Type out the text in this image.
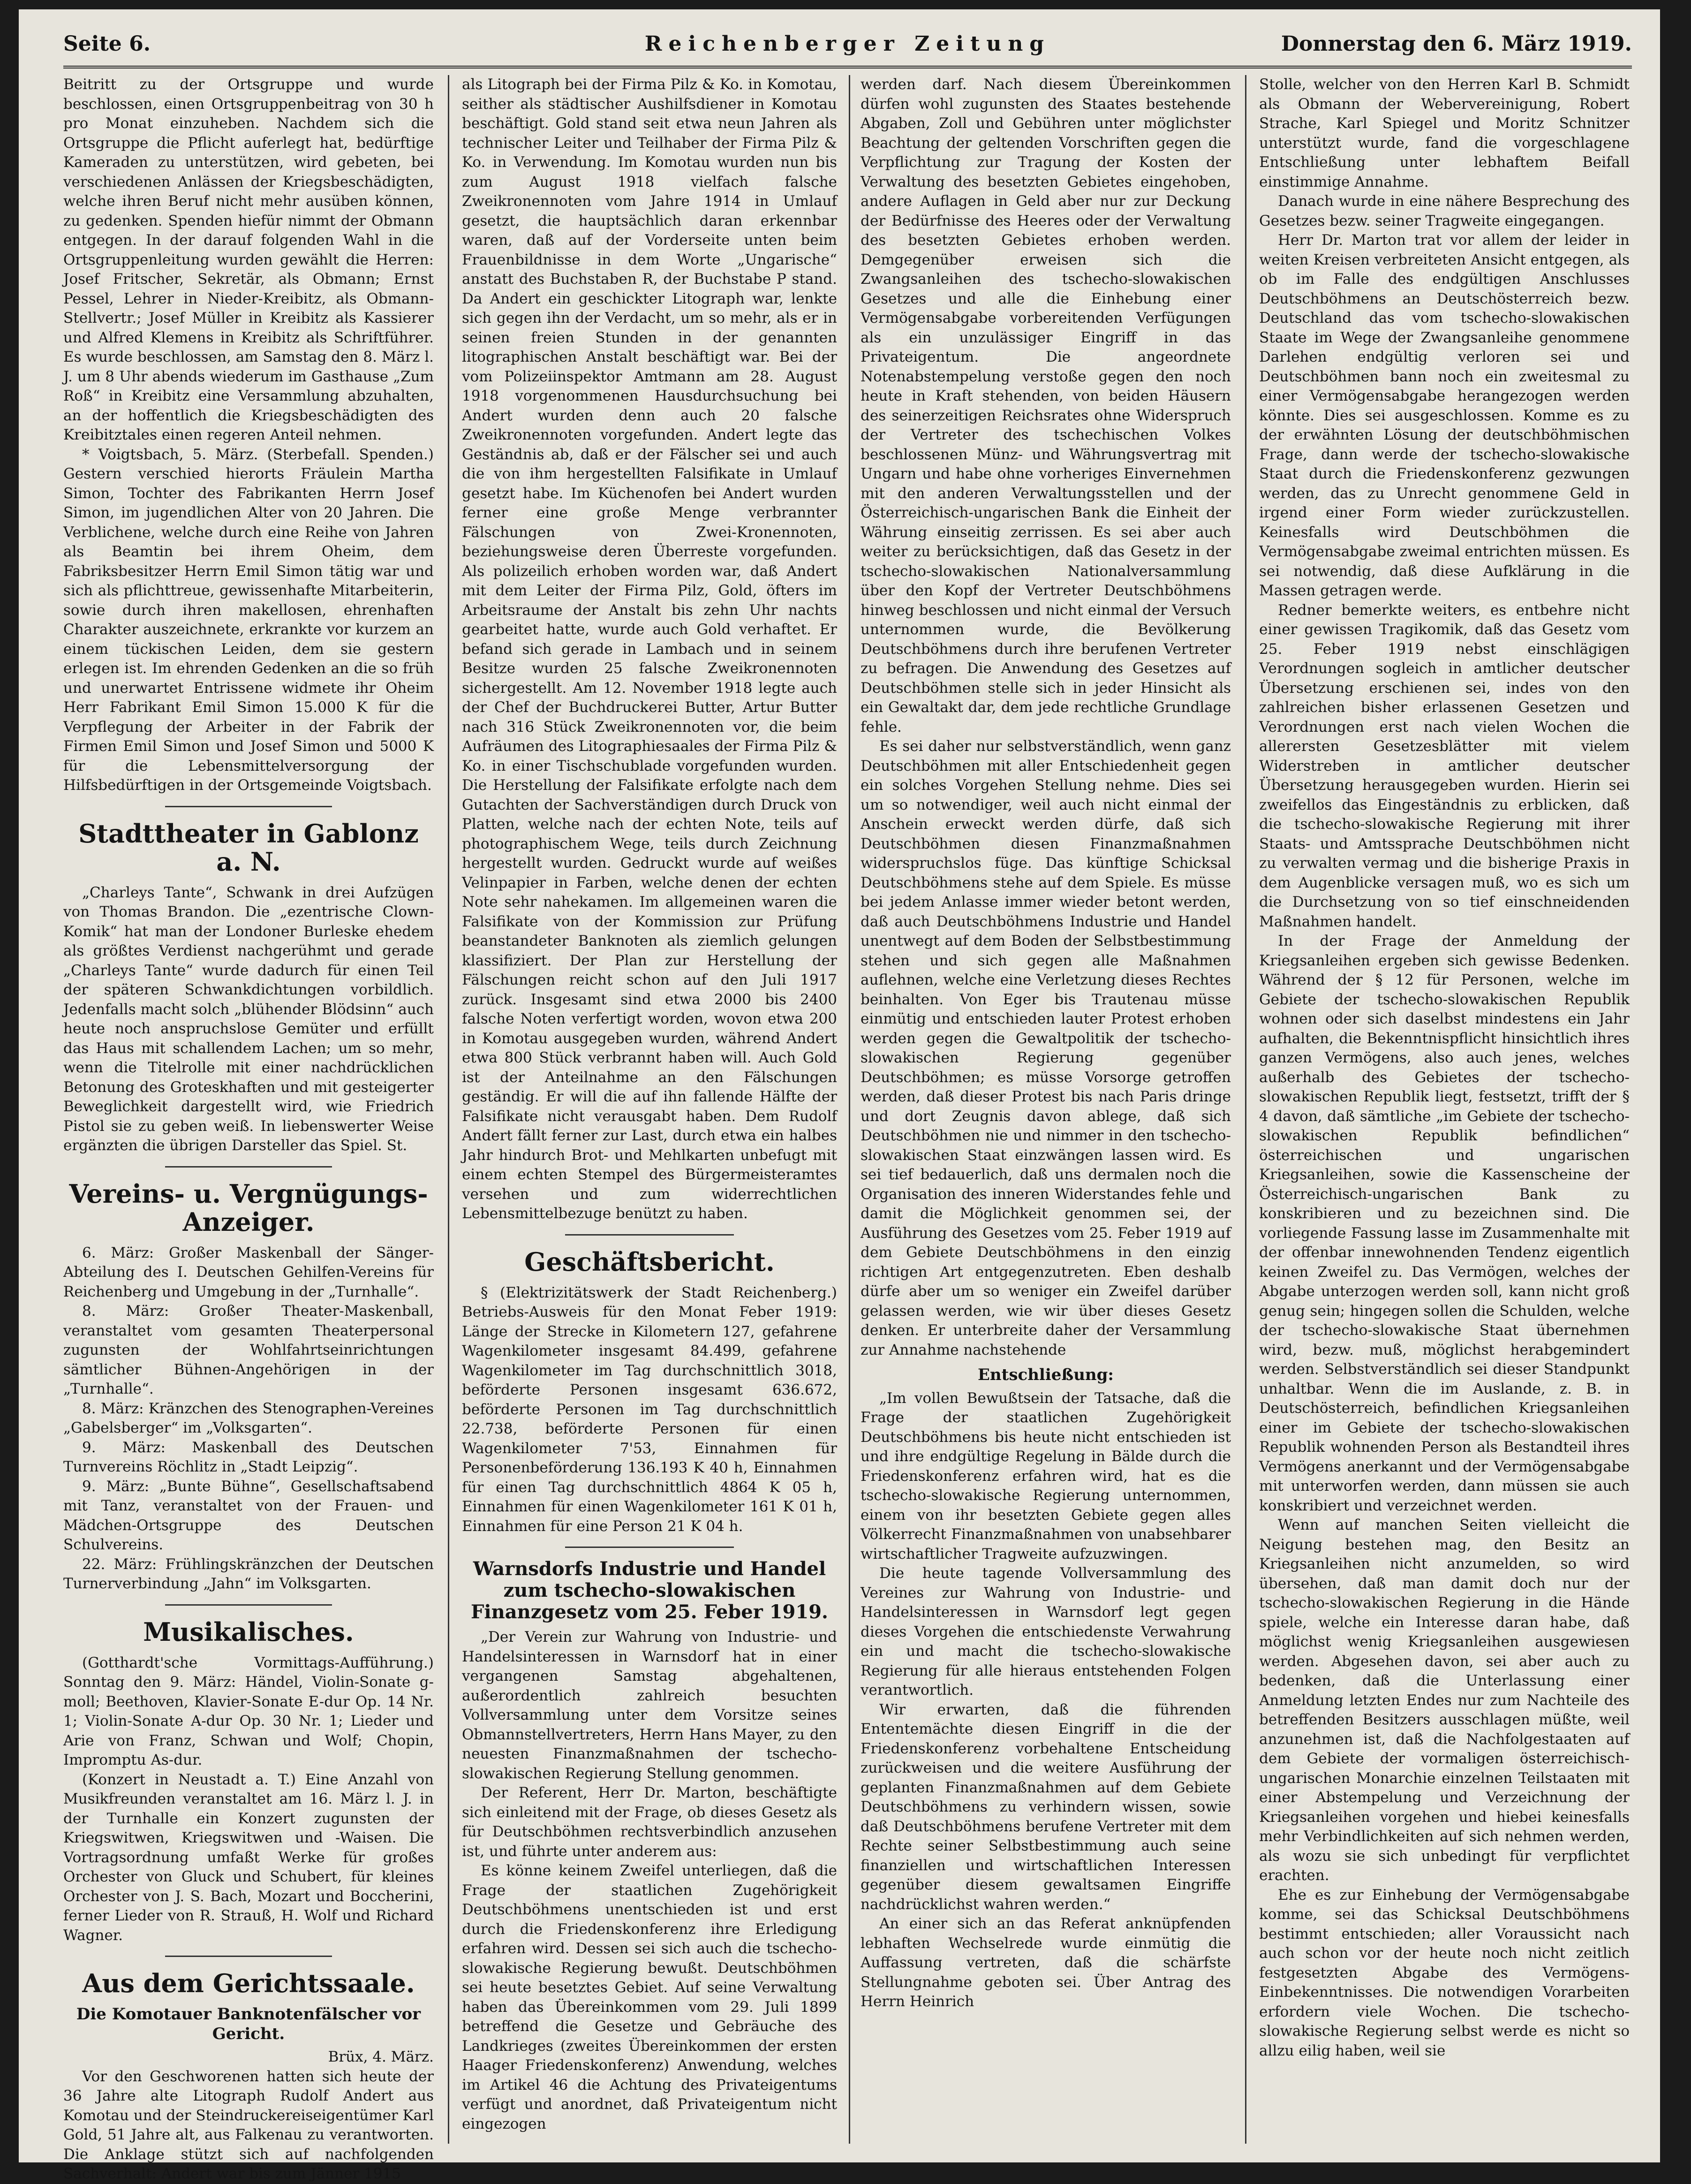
Seite 6.	Reichenberger Zeitung	Donnerstag den 6. März 1919.

Beitritt zu der Ortsgruppe und wurde beschlossen, einen Ortsgruppenbeitrag von 30 h pro Monat einzuheben. Nachdem sich die Ortsgruppe die Pflicht auferlegt hat, bedürftige Kameraden zu unterstützen, wird gebeten, bei verschiedenen Anlässen der Kriegsbeschädigten, welche ihren Beruf nicht mehr ausüben können, zu gedenken. Spenden hiefür nimmt der Obmann entgegen. In der darauf folgenden Wahl in die Ortsgruppenleitung wurden gewählt die Herren: Josef Fritscher, Sekretär, als Obmann; Ernst Pessel, Lehrer in Nieder-Kreibitz, als Obmann-Stellvertr.; Josef Müller in Kreibitz als Kassierer und Alfred Klemens in Kreibitz als Schriftführer. Es wurde beschlossen, am Samstag den 8. März l. J. um 8 Uhr abends wiederum im Gasthause „Zum Roß“ in Kreibitz eine Versammlung abzuhalten, an der hoffentlich die Kriegsbeschädigten des Kreibitztales einen regeren Anteil nehmen.

* Voigtsbach, 5. März. (Sterbefall. Spenden.) Gestern verschied hierorts Fräulein Martha Simon, Tochter des Fabrikanten Herrn Josef Simon, im jugendlichen Alter von 20 Jahren. Die Verblichene, welche durch eine Reihe von Jahren als Beamtin bei ihrem Oheim, dem Fabriksbesitzer Herrn Emil Simon tätig war und sich als pflichttreue, gewissenhafte Mitarbeiterin, sowie durch ihren makellosen, ehrenhaften Charakter auszeichnete, erkrankte vor kurzem an einem tückischen Leiden, dem sie gestern erlegen ist. Im ehrenden Gedenken an die so früh und unerwartet Entrissene widmete ihr Oheim Herr Fabrikant Emil Simon 15.000 K für die Verpflegung der Arbeiter in der Fabrik der Firmen Emil Simon und Josef Simon und 5000 K für die Lebensmittelversorgung der Hilfsbedürftigen in der Ortsgemeinde Voigtsbach.

Stadttheater in Gablonz a. N.

„Charleys Tante“, Schwank in drei Aufzügen von Thomas Brandon. Die „ezentrische Clown-Komik“ hat man der Londoner Burleske ehedem als größtes Verdienst nachgerühmt und gerade „Charleys Tante“ wurde dadurch für einen Teil der späteren Schwankdichtungen vorbildlich. Jedenfalls macht solch „blühender Blödsinn“ auch heute noch anspruchslose Gemüter und erfüllt das Haus mit schallendem Lachen; um so mehr, wenn die Titelrolle mit einer nachdrücklichen Betonung des Groteskhaften und mit gesteigerter Beweglichkeit dargestellt wird, wie Friedrich Pistol sie zu geben weiß. In liebenswerter Weise ergänzten die übrigen Darsteller das Spiel. St.

Vereins- u. Vergnügungs-Anzeiger.

6. März: Großer Maskenball der Sänger-Abteilung des I. Deutschen Gehilfen-Vereins für Reichenberg und Umgebung in der „Turnhalle“.

8. März: Großer Theater-Maskenball, veranstaltet vom gesamten Theaterpersonal zugunsten der Wohlfahrtseinrichtungen sämtlicher Bühnen-Angehörigen in der „Turnhalle“.

8. März: Kränzchen des Stenographen-Vereines „Gabelsberger“ im „Volksgarten“.

9. März: Maskenball des Deutschen Turnvereins Röchlitz in „Stadt Leipzig“.

9. März: „Bunte Bühne“, Gesellschaftsabend mit Tanz, veranstaltet von der Frauen- und Mädchen-Ortsgruppe des Deutschen Schulvereins.

22. März: Frühlingskränzchen der Deutschen Turnerverbindung „Jahn“ im Volksgarten.

Musikalisches.

(Gotthardt'sche Vormittags-Aufführung.) Sonntag den 9. März: Händel, Violin-Sonate g-moll; Beethoven, Klavier-Sonate E-dur Op. 14 Nr. 1; Violin-Sonate A-dur Op. 30 Nr. 1; Lieder und Arie von Franz, Schwan und Wolf; Chopin, Impromptu As-dur.

(Konzert in Neustadt a. T.) Eine Anzahl von Musikfreunden veranstaltet am 16. März l. J. in der Turnhalle ein Konzert zugunsten der Kriegswitwen, Kriegswitwen und -Waisen. Die Vortragsordnung umfaßt Werke für großes Orchester von Gluck und Schubert, für kleines Orchester von J. S. Bach, Mozart und Boccherini, ferner Lieder von R. Strauß, H. Wolf und Richard Wagner.

Aus dem Gerichtssaale.
Die Komotauer Banknotenfälscher vor Gericht.

Brüx, 4. März.

Vor den Geschworenen hatten sich heute der 36 Jahre alte Litograph Rudolf Andert aus Komotau und der Steindruckereiseigentümer Karl Gold, 51 Jahre alt, aus Falkenau zu verantworten. Die Anklage stützt sich auf nachfolgenden Sachverhalt: Andert war bis zum Jänner 1915

als Litograph bei der Firma Pilz & Ko. in Komotau, seither als städtischer Aushilfsdiener in Komotau beschäftigt. Gold stand seit etwa neun Jahren als technischer Leiter und Teilhaber der Firma Pilz & Ko. in Verwendung. Im Komotau wurden nun bis zum August 1918 vielfach falsche Zweikronennoten vom Jahre 1914 in Umlauf gesetzt, die hauptsächlich daran erkennbar waren, daß auf der Vorderseite unten beim Frauenbildnisse in dem Worte „Ungarische“ anstatt des Buchstaben R, der Buchstabe P stand. Da Andert ein geschickter Litograph war, lenkte sich gegen ihn der Verdacht, um so mehr, als er in seinen freien Stunden in der genannten litographischen Anstalt beschäftigt war. Bei der vom Polizeiinspektor Amtmann am 28. August 1918 vorgenommenen Hausdurchsuchung bei Andert wurden denn auch 20 falsche Zweikronennoten vorgefunden. Andert legte das Geständnis ab, daß er der Fälscher sei und auch die von ihm hergestellten Falsifikate in Umlauf gesetzt habe. Im Küchenofen bei Andert wurden ferner eine große Menge verbrannter Fälschungen von Zwei-Kronennoten, beziehungsweise deren Überreste vorgefunden. Als polizeilich erhoben worden war, daß Andert mit dem Leiter der Firma Pilz, Gold, öfters im Arbeitsraume der Anstalt bis zehn Uhr nachts gearbeitet hatte, wurde auch Gold verhaftet. Er befand sich gerade in Lambach und in seinem Besitze wurden 25 falsche Zweikronennoten sichergestellt. Am 12. November 1918 legte auch der Chef der Buchdruckerei Butter, Artur Butter nach 316 Stück Zweikronennoten vor, die beim Aufräumen des Litographiesaales der Firma Pilz & Ko. in einer Tischschublade vorgefunden wurden. Die Herstellung der Falsifikate erfolgte nach dem Gutachten der Sachverständigen durch Druck von Platten, welche nach der echten Note, teils auf photographischem Wege, teils durch Zeichnung hergestellt wurden. Gedruckt wurde auf weißes Velinpapier in Farben, welche denen der echten Note sehr nahekamen. Im allgemeinen waren die Falsifikate von der Kommission zur Prüfung beanstandeter Banknoten als ziemlich gelungen klassifiziert. Der Plan zur Herstellung der Fälschungen reicht schon auf den Juli 1917 zurück. Insgesamt sind etwa 2000 bis 2400 falsche Noten verfertigt worden, wovon etwa 200 in Komotau ausgegeben wurden, während Andert etwa 800 Stück verbrannt haben will. Auch Gold ist der Anteilnahme an den Fälschungen geständig. Er will die auf ihn fallende Hälfte der Falsifikate nicht verausgabt haben. Dem Rudolf Andert fällt ferner zur Last, durch etwa ein halbes Jahr hindurch Brot- und Mehlkarten unbefugt mit einem echten Stempel des Bürgermeisteramtes versehen und zum widerrechtlichen Lebensmittelbezuge benützt zu haben.

Geschäftsbericht.

§ (Elektrizitätswerk der Stadt Reichenberg.) Betriebs-Ausweis für den Monat Feber 1919: Länge der Strecke in Kilometern 127, gefahrene Wagenkilometer insgesamt 84.499, gefahrene Wagenkilometer im Tag durchschnittlich 3018, beförderte Personen insgesamt 636.672, beförderte Personen im Tag durchschnittlich 22.738, beförderte Personen für einen Wagenkilometer 7'53, Einnahmen für Personenbeförderung 136.193 K 40 h, Einnahmen für einen Tag durchschnittlich 4864 K 05 h, Einnahmen für einen Wagenkilometer 161 K 01 h, Einnahmen für eine Person 21 K 04 h.

Warnsdorfs Industrie und Handel zum tschecho-slowakischen Finanzgesetz vom 25. Feber 1919.

„Der Verein zur Wahrung von Industrie- und Handelsinteressen in Warnsdorf hat in einer vergangenen Samstag abgehaltenen, außerordentlich zahlreich besuchten Vollversammlung unter dem Vorsitze seines Obmannstellvertreters, Herrn Hans Mayer, zu den neuesten Finanzmaßnahmen der tschecho-slowakischen Regierung Stellung genommen.

Der Referent, Herr Dr. Marton, beschäftigte sich einleitend mit der Frage, ob dieses Gesetz als für Deutschböhmen rechtsverbindlich anzusehen ist, und führte unter anderem aus:

Es könne keinem Zweifel unterliegen, daß die Frage der staatlichen Zugehörigkeit Deutschböhmens unentschieden ist und erst durch die Friedenskonferenz ihre Erledigung erfahren wird. Dessen sei sich auch die tschecho-slowakische Regierung bewußt. Deutschböhmen sei heute besetztes Gebiet. Auf seine Verwaltung haben das Übereinkommen vom 29. Juli 1899 betreffend die Gesetze und Gebräuche des Landkrieges (zweites Übereinkommen der ersten Haager Friedenskonferenz) Anwendung, welches im Artikel 46 die Achtung des Privateigentums verfügt und anordnet, daß Privateigentum nicht eingezogen

werden darf. Nach diesem Übereinkommen dürfen wohl zugunsten des Staates bestehende Abgaben, Zoll und Gebühren unter möglichster Beachtung der geltenden Vorschriften gegen die Verpflichtung zur Tragung der Kosten der Verwaltung des besetzten Gebietes eingehoben, andere Auflagen in Geld aber nur zur Deckung der Bedürfnisse des Heeres oder der Verwaltung des besetzten Gebietes erhoben werden. Demgegenüber erweisen sich die Zwangsanleihen des tschecho-slowakischen Gesetzes und alle die Einhebung einer Vermögensabgabe vorbereitenden Verfügungen als ein unzulässiger Eingriff in das Privateigentum. Die angeordnete Notenabstempelung verstoße gegen den noch heute in Kraft stehenden, von beiden Häusern des seinerzeitigen Reichsrates ohne Widerspruch der Vertreter des tschechischen Volkes beschlossenen Münz- und Währungsvertrag mit Ungarn und habe ohne vorheriges Einvernehmen mit den anderen Verwaltungsstellen und der Österreichisch-ungarischen Bank die Einheit der Währung einseitig zerrissen. Es sei aber auch weiter zu berücksichtigen, daß das Gesetz in der tschecho-slowakischen Nationalversammlung über den Kopf der Vertreter Deutschböhmens hinweg beschlossen und nicht einmal der Versuch unternommen wurde, die Bevölkerung Deutschböhmens durch ihre berufenen Vertreter zu befragen. Die Anwendung des Gesetzes auf Deutschböhmen stelle sich in jeder Hinsicht als ein Gewaltakt dar, dem jede rechtliche Grundlage fehle.

Es sei daher nur selbstverständlich, wenn ganz Deutschböhmen mit aller Entschiedenheit gegen ein solches Vorgehen Stellung nehme. Dies sei um so notwendiger, weil auch nicht einmal der Anschein erweckt werden dürfe, daß sich Deutschböhmen diesen Finanzmaßnahmen widerspruchslos füge. Das künftige Schicksal Deutschböhmens stehe auf dem Spiele. Es müsse bei jedem Anlasse immer wieder betont werden, daß auch Deutschböhmens Industrie und Handel unentwegt auf dem Boden der Selbstbestimmung stehen und sich gegen alle Maßnahmen auflehnen, welche eine Verletzung dieses Rechtes beinhalten. Von Eger bis Trautenau müsse einmütig und entschieden lauter Protest erhoben werden gegen die Gewaltpolitik der tschecho-slowakischen Regierung gegenüber Deutschböhmen; es müsse Vorsorge getroffen werden, daß dieser Protest bis nach Paris dringe und dort Zeugnis davon ablege, daß sich Deutschböhmen nie und nimmer in den tschecho-slowakischen Staat einzwängen lassen wird. Es sei tief bedauerlich, daß uns dermalen noch die Organisation des inneren Widerstandes fehle und damit die Möglichkeit genommen sei, der Ausführung des Gesetzes vom 25. Feber 1919 auf dem Gebiete Deutschböhmens in den einzig richtigen Art entgegenzutreten. Eben deshalb dürfe aber um so weniger ein Zweifel darüber gelassen werden, wie wir über dieses Gesetz denken. Er unterbreite daher der Versammlung zur Annahme nachstehende

Entschließung:

„Im vollen Bewußtsein der Tatsache, daß die Frage der staatlichen Zugehörigkeit Deutschböhmens bis heute nicht entschieden ist und ihre endgültige Regelung in Bälde durch die Friedenskonferenz erfahren wird, hat es die tschecho-slowakische Regierung unternommen, einem von ihr besetzten Gebiete gegen alles Völkerrecht Finanzmaßnahmen von unabsehbarer wirtschaftlicher Tragweite aufzuzwingen.

Die heute tagende Vollversammlung des Vereines zur Wahrung von Industrie- und Handelsinteressen in Warnsdorf legt gegen dieses Vorgehen die entschiedenste Verwahrung ein und macht die tschecho-slowakische Regierung für alle hieraus entstehenden Folgen verantwortlich.

Wir erwarten, daß die führenden Ententemächte diesen Eingriff in die der Friedenskonferenz vorbehaltene Entscheidung zurückweisen und die weitere Ausführung der geplanten Finanzmaßnahmen auf dem Gebiete Deutschböhmens zu verhindern wissen, sowie daß Deutschböhmens berufene Vertreter mit dem Rechte seiner Selbstbestimmung auch seine finanziellen und wirtschaftlichen Interessen gegenüber diesem gewaltsamen Eingriffe nachdrücklichst wahren werden.“

An einer sich an das Referat anknüpfenden lebhaften Wechselrede wurde einmütig die Auffassung vertreten, daß die schärfste Stellungnahme geboten sei. Über Antrag des Herrn Heinrich

Stolle, welcher von den Herren Karl B. Schmidt als Obmann der Webervereinigung, Robert Strache, Karl Spiegel und Moritz Schnitzer unterstützt wurde, fand die vorgeschlagene Entschließung unter lebhaftem Beifall einstimmige Annahme.

Danach wurde in eine nähere Besprechung des Gesetzes bezw. seiner Tragweite eingegangen.

Herr Dr. Marton trat vor allem der leider in weiten Kreisen verbreiteten Ansicht entgegen, als ob im Falle des endgültigen Anschlusses Deutschböhmens an Deutschösterreich bezw. Deutschland das vom tschecho-slowakischen Staate im Wege der Zwangsanleihe genommene Darlehen endgültig verloren sei und Deutschböhmen bann noch ein zweitesmal zu einer Vermögensabgabe herangezogen werden könnte. Dies sei ausgeschlossen. Komme es zu der erwähnten Lösung der deutschböhmischen Frage, dann werde der tschecho-slowakische Staat durch die Friedenskonferenz gezwungen werden, das zu Unrecht genommene Geld in irgend einer Form wieder zurückzustellen. Keinesfalls wird Deutschböhmen die Vermögensabgabe zweimal entrichten müssen. Es sei notwendig, daß diese Aufklärung in die Massen getragen werde.

Redner bemerkte weiters, es entbehre nicht einer gewissen Tragikomik, daß das Gesetz vom 25. Feber 1919 nebst einschlägigen Verordnungen sogleich in amtlicher deutscher Übersetzung erschienen sei, indes von den zahlreichen bisher erlassenen Gesetzen und Verordnungen erst nach vielen Wochen die allerersten Gesetzesblätter mit vielem Widerstreben in amtlicher deutscher Übersetzung herausgegeben wurden. Hierin sei zweifellos das Eingeständnis zu erblicken, daß die tschecho-slowakische Regierung mit ihrer Staats- und Amtssprache Deutschböhmen nicht zu verwalten vermag und die bisherige Praxis in dem Augenblicke versagen muß, wo es sich um die Durchsetzung von so tief einschneidenden Maßnahmen handelt.

In der Frage der Anmeldung der Kriegsanleihen ergeben sich gewisse Bedenken. Während der § 12 für Personen, welche im Gebiete der tschecho-slowakischen Republik wohnen oder sich daselbst mindestens ein Jahr aufhalten, die Bekenntnispflicht hinsichtlich ihres ganzen Vermögens, also auch jenes, welches außerhalb des Gebietes der tschecho-slowakischen Republik liegt, festsetzt, trifft der § 4 davon, daß sämtliche „im Gebiete der tschecho-slowakischen Republik befindlichen“ österreichischen und ungarischen Kriegsanleihen, sowie die Kassenscheine der Österreichisch-ungarischen Bank zu konskribieren und zu bezeichnen sind. Die vorliegende Fassung lasse im Zusammenhalte mit der offenbar innewohnenden Tendenz eigentlich keinen Zweifel zu. Das Vermögen, welches der Abgabe unterzogen werden soll, kann nicht groß genug sein; hingegen sollen die Schulden, welche der tschecho-slowakische Staat übernehmen wird, bezw. muß, möglichst herabgemindert werden. Selbstverständlich sei dieser Standpunkt unhaltbar. Wenn die im Auslande, z. B. in Deutschösterreich, befindlichen Kriegsanleihen einer im Gebiete der tschecho-slowakischen Republik wohnenden Person als Bestandteil ihres Vermögens anerkannt und der Vermögensabgabe mit unterworfen werden, dann müssen sie auch konskribiert und verzeichnet werden.

Wenn auf manchen Seiten vielleicht die Neigung bestehen mag, den Besitz an Kriegsanleihen nicht anzumelden, so wird übersehen, daß man damit doch nur der tschecho-slowakischen Regierung in die Hände spiele, welche ein Interesse daran habe, daß möglichst wenig Kriegsanleihen ausgewiesen werden. Abgesehen davon, sei aber auch zu bedenken, daß die Unterlassung einer Anmeldung letzten Endes nur zum Nachteile des betreffenden Besitzers ausschlagen müßte, weil anzunehmen ist, daß die Nachfolgestaaten auf dem Gebiete der vormaligen österreichisch-ungarischen Monarchie einzelnen Teilstaaten mit einer Abstempelung und Verzeichnung der Kriegsanleihen vorgehen und hiebei keinesfalls mehr Verbindlichkeiten auf sich nehmen werden, als wozu sie sich unbedingt für verpflichtet erachten.

Ehe es zur Einhebung der Vermögensabgabe komme, sei das Schicksal Deutschböhmens bestimmt entschieden; aller Voraussicht nach auch schon vor der heute noch nicht zeitlich festgesetzten Abgabe des Vermögens-Einbekenntnisses. Die notwendigen Vorarbeiten erfordern viele Wochen. Die tschecho-slowakische Regierung selbst werde es nicht so allzu eilig haben, weil sie
